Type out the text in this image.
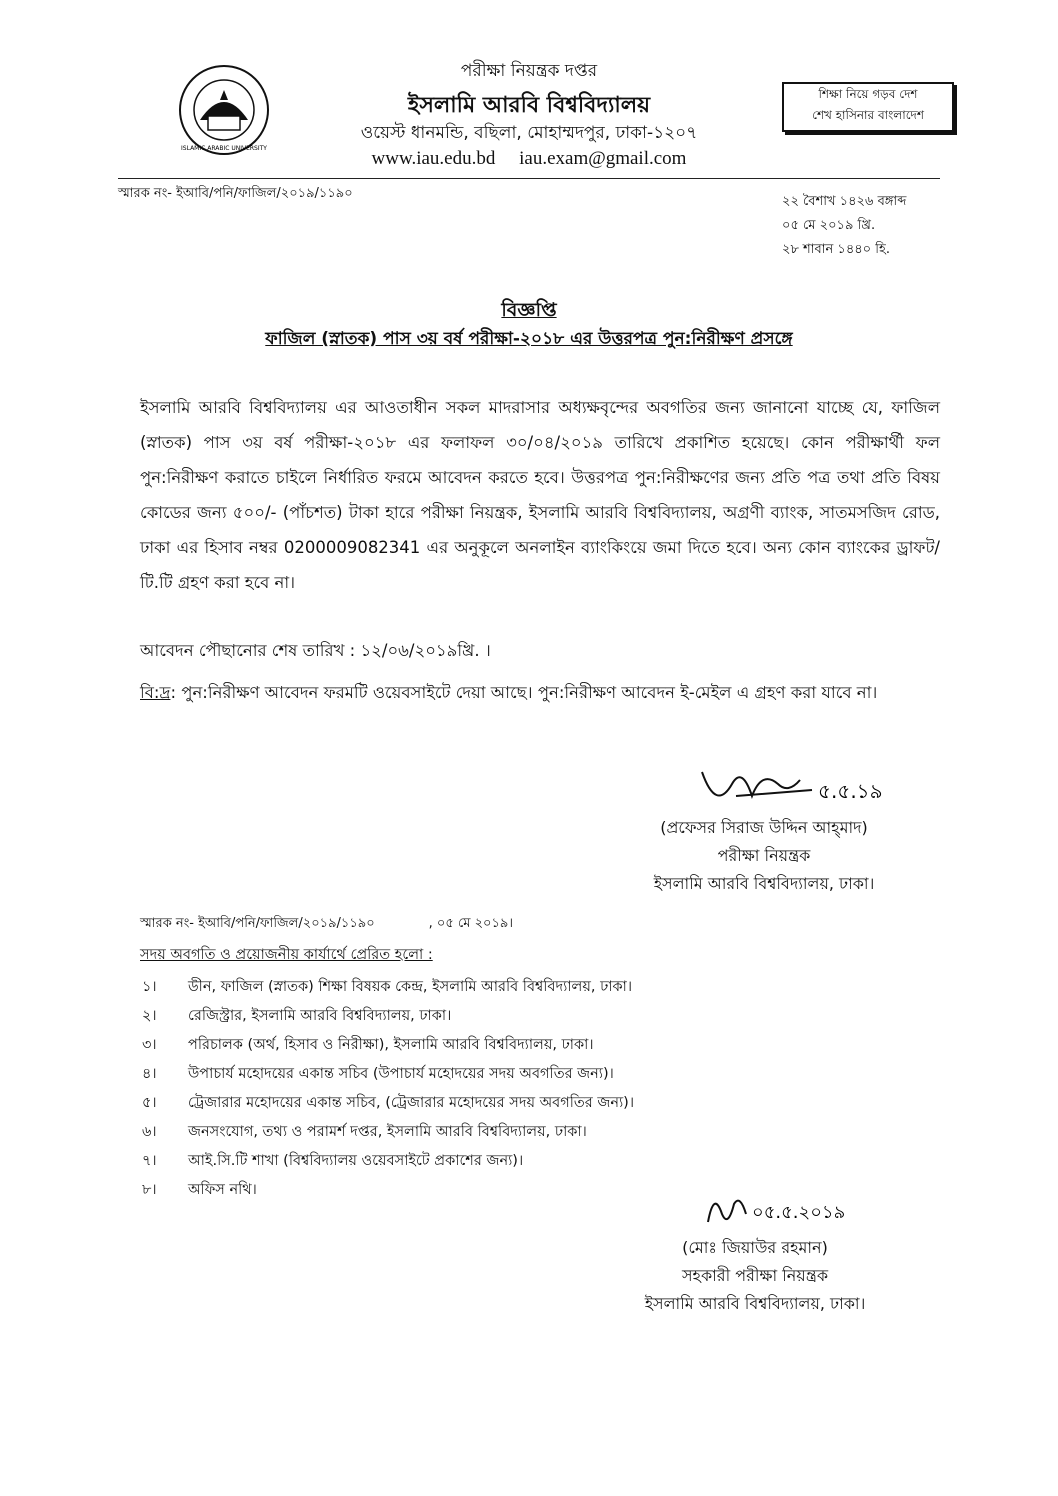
ISLAMIC ARABIC UNIVERSITY
পরীক্ষা নিয়ন্ত্রক দপ্তর
ইসলামি আরবি বিশ্ববিদ্যালয়
ওয়েস্ট ধানমন্ডি, বছিলা, মোহাম্মদপুর, ঢাকা-১২০৭
www.iau.edu.bd iau.exam@gmail.com
শিক্ষা নিয়ে গড়ব দেশ
শেখ হাসিনার বাংলাদেশ
স্মারক নং- ইআবি/পনি/ফাজিল/২০১৯/১১৯০
২২ বৈশাখ ১৪২৬ বঙ্গাব্দ
০৫ মে ২০১৯ খ্রি.
২৮ শাবান ১৪৪০ হি.
বিজ্ঞপ্তি
ফাজিল (স্নাতক) পাস ৩য় বর্ষ পরীক্ষা-২০১৮ এর উত্তরপত্র পুন:নিরীক্ষণ প্রসঙ্গে
ইসলামি আরবি বিশ্ববিদ্যালয় এর আওতাধীন সকল মাদরাসার অধ্যক্ষবৃন্দের অবগতির জন্য জানানো যাচ্ছে যে, ফাজিল (স্নাতক) পাস ৩য় বর্ষ পরীক্ষা-২০১৮ এর ফলাফল ৩০/০৪/২০১৯ তারিখে প্রকাশিত হয়েছে। কোন পরীক্ষার্থী ফল পুন:নিরীক্ষণ করাতে চাইলে নির্ধারিত ফরমে আবেদন করতে হবে। উত্তরপত্র পুন:নিরীক্ষণের জন্য প্রতি পত্র তথা প্রতি বিষয় কোডের জন্য ৫০০/- (পাঁচশত) টাকা হারে পরীক্ষা নিয়ন্ত্রক, ইসলামি আরবি বিশ্ববিদ্যালয়, অগ্রণী ব্যাংক, সাতমসজিদ রোড, ঢাকা এর হিসাব নম্বর 0200009082341 এর অনুকূলে অনলাইন ব্যাংকিংয়ে জমা দিতে হবে। অন্য কোন ব্যাংকের ড্রাফট/টি.টি গ্রহণ করা হবে না।
আবেদন পৌছানোর শেষ তারিখ : ১২/০৬/২০১৯খ্রি. ।
বি:দ্র: পুন:নিরীক্ষণ আবেদন ফরমটি ওয়েবসাইটে দেয়া আছে। পুন:নিরীক্ষণ আবেদন ই-মেইল এ গ্রহণ করা যাবে না।
৫.৫.১৯
(প্রফেসর সিরাজ উদ্দিন আহ্‌মাদ)
পরীক্ষা নিয়ন্ত্রক
ইসলামি আরবি বিশ্ববিদ্যালয়, ঢাকা।
স্মারক নং- ইআবি/পনি/ফাজিল/২০১৯/১১৯০	, ০৫ মে ২০১৯।
সদয় অবগতি ও প্রয়োজনীয় কার্যার্থে প্রেরিত হলো :
১। ডীন, ফাজিল (স্নাতক) শিক্ষা বিষয়ক কেন্দ্র, ইসলামি আরবি বিশ্ববিদ্যালয়, ঢাকা।
২। রেজিস্ট্রার, ইসলামি আরবি বিশ্ববিদ্যালয়, ঢাকা।
৩। পরিচালক (অর্থ, হিসাব ও নিরীক্ষা), ইসলামি আরবি বিশ্ববিদ্যালয়, ঢাকা।
৪। উপাচার্য মহোদয়ের একান্ত সচিব (উপাচার্য মহোদয়ের সদয় অবগতির জন্য)।
৫। ট্রেজারার মহোদয়ের একান্ত সচিব, (ট্রেজারার মহোদয়ের সদয় অবগতির জন্য)।
৬। জনসংযোগ, তথ্য ও পরামর্শ দপ্তর, ইসলামি আরবি বিশ্ববিদ্যালয়, ঢাকা।
৭। আই.সি.টি শাখা (বিশ্ববিদ্যালয় ওয়েবসাইটে প্রকাশের জন্য)।
৮। অফিস নথি।
০৫.৫.২০১৯
(মোঃ জিয়াউর রহমান)
সহকারী পরীক্ষা নিয়ন্ত্রক
ইসলামি আরবি বিশ্ববিদ্যালয়, ঢাকা।
